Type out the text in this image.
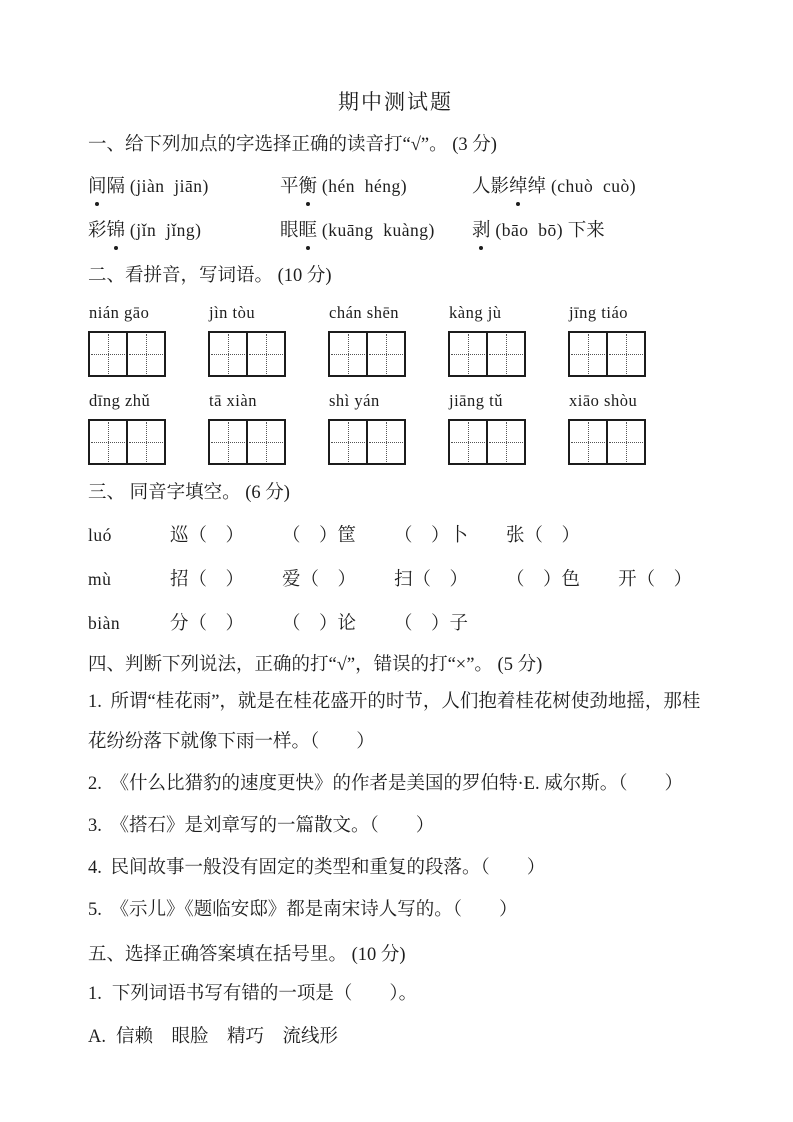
期中测试题
一、给下列加点的字选择正确的读音打“√”。 (3 分)
间隔 (jiàn  jiān)	平衡 (hén  héng)	人影绰绰 (chuò  cuò)
彩锦 (jǐn  jǐng)	眼眶 (kuāng  kuàng)	剥 (bāo  bō) 下来
二、看拼音，写词语。 (10 分)
nián gāo	jìn tòu	chán shēn	kàng jù	jīng tiáo
dīng zhǔ	tā xiàn	shì yán	jiāng tǔ	xiāo shòu
三、 同音字填空。 (6 分)
luó	巡（　） （　）筐 （　）卜 张（　）
mù	招（　） 爱（　） 扫（　） （　）色 开（　）
biàn	分（　） （　）论 （　）子
四、判断下列说法，正确的打“√”，错误的打“×”。 (5 分)
1. 所谓“桂花雨”，就是在桂花盛开的时节，人们抱着桂花树使劲地摇，那桂花纷纷落下就像下雨一样。（　　）
2. 《什么比猎豹的速度更快》的作者是美国的罗伯特·E. 威尔斯。（　　）
3. 《搭石》是刘章写的一篇散文。（　　）
4. 民间故事一般没有固定的类型和重复的段落。（　　）
5. 《示儿》《题临安邸》都是南宋诗人写的。（　　）
五、选择正确答案填在括号里。 (10 分)
1. 下列词语书写有错的一项是（　　）。
A. 信赖　眼脸　精巧　流线形
